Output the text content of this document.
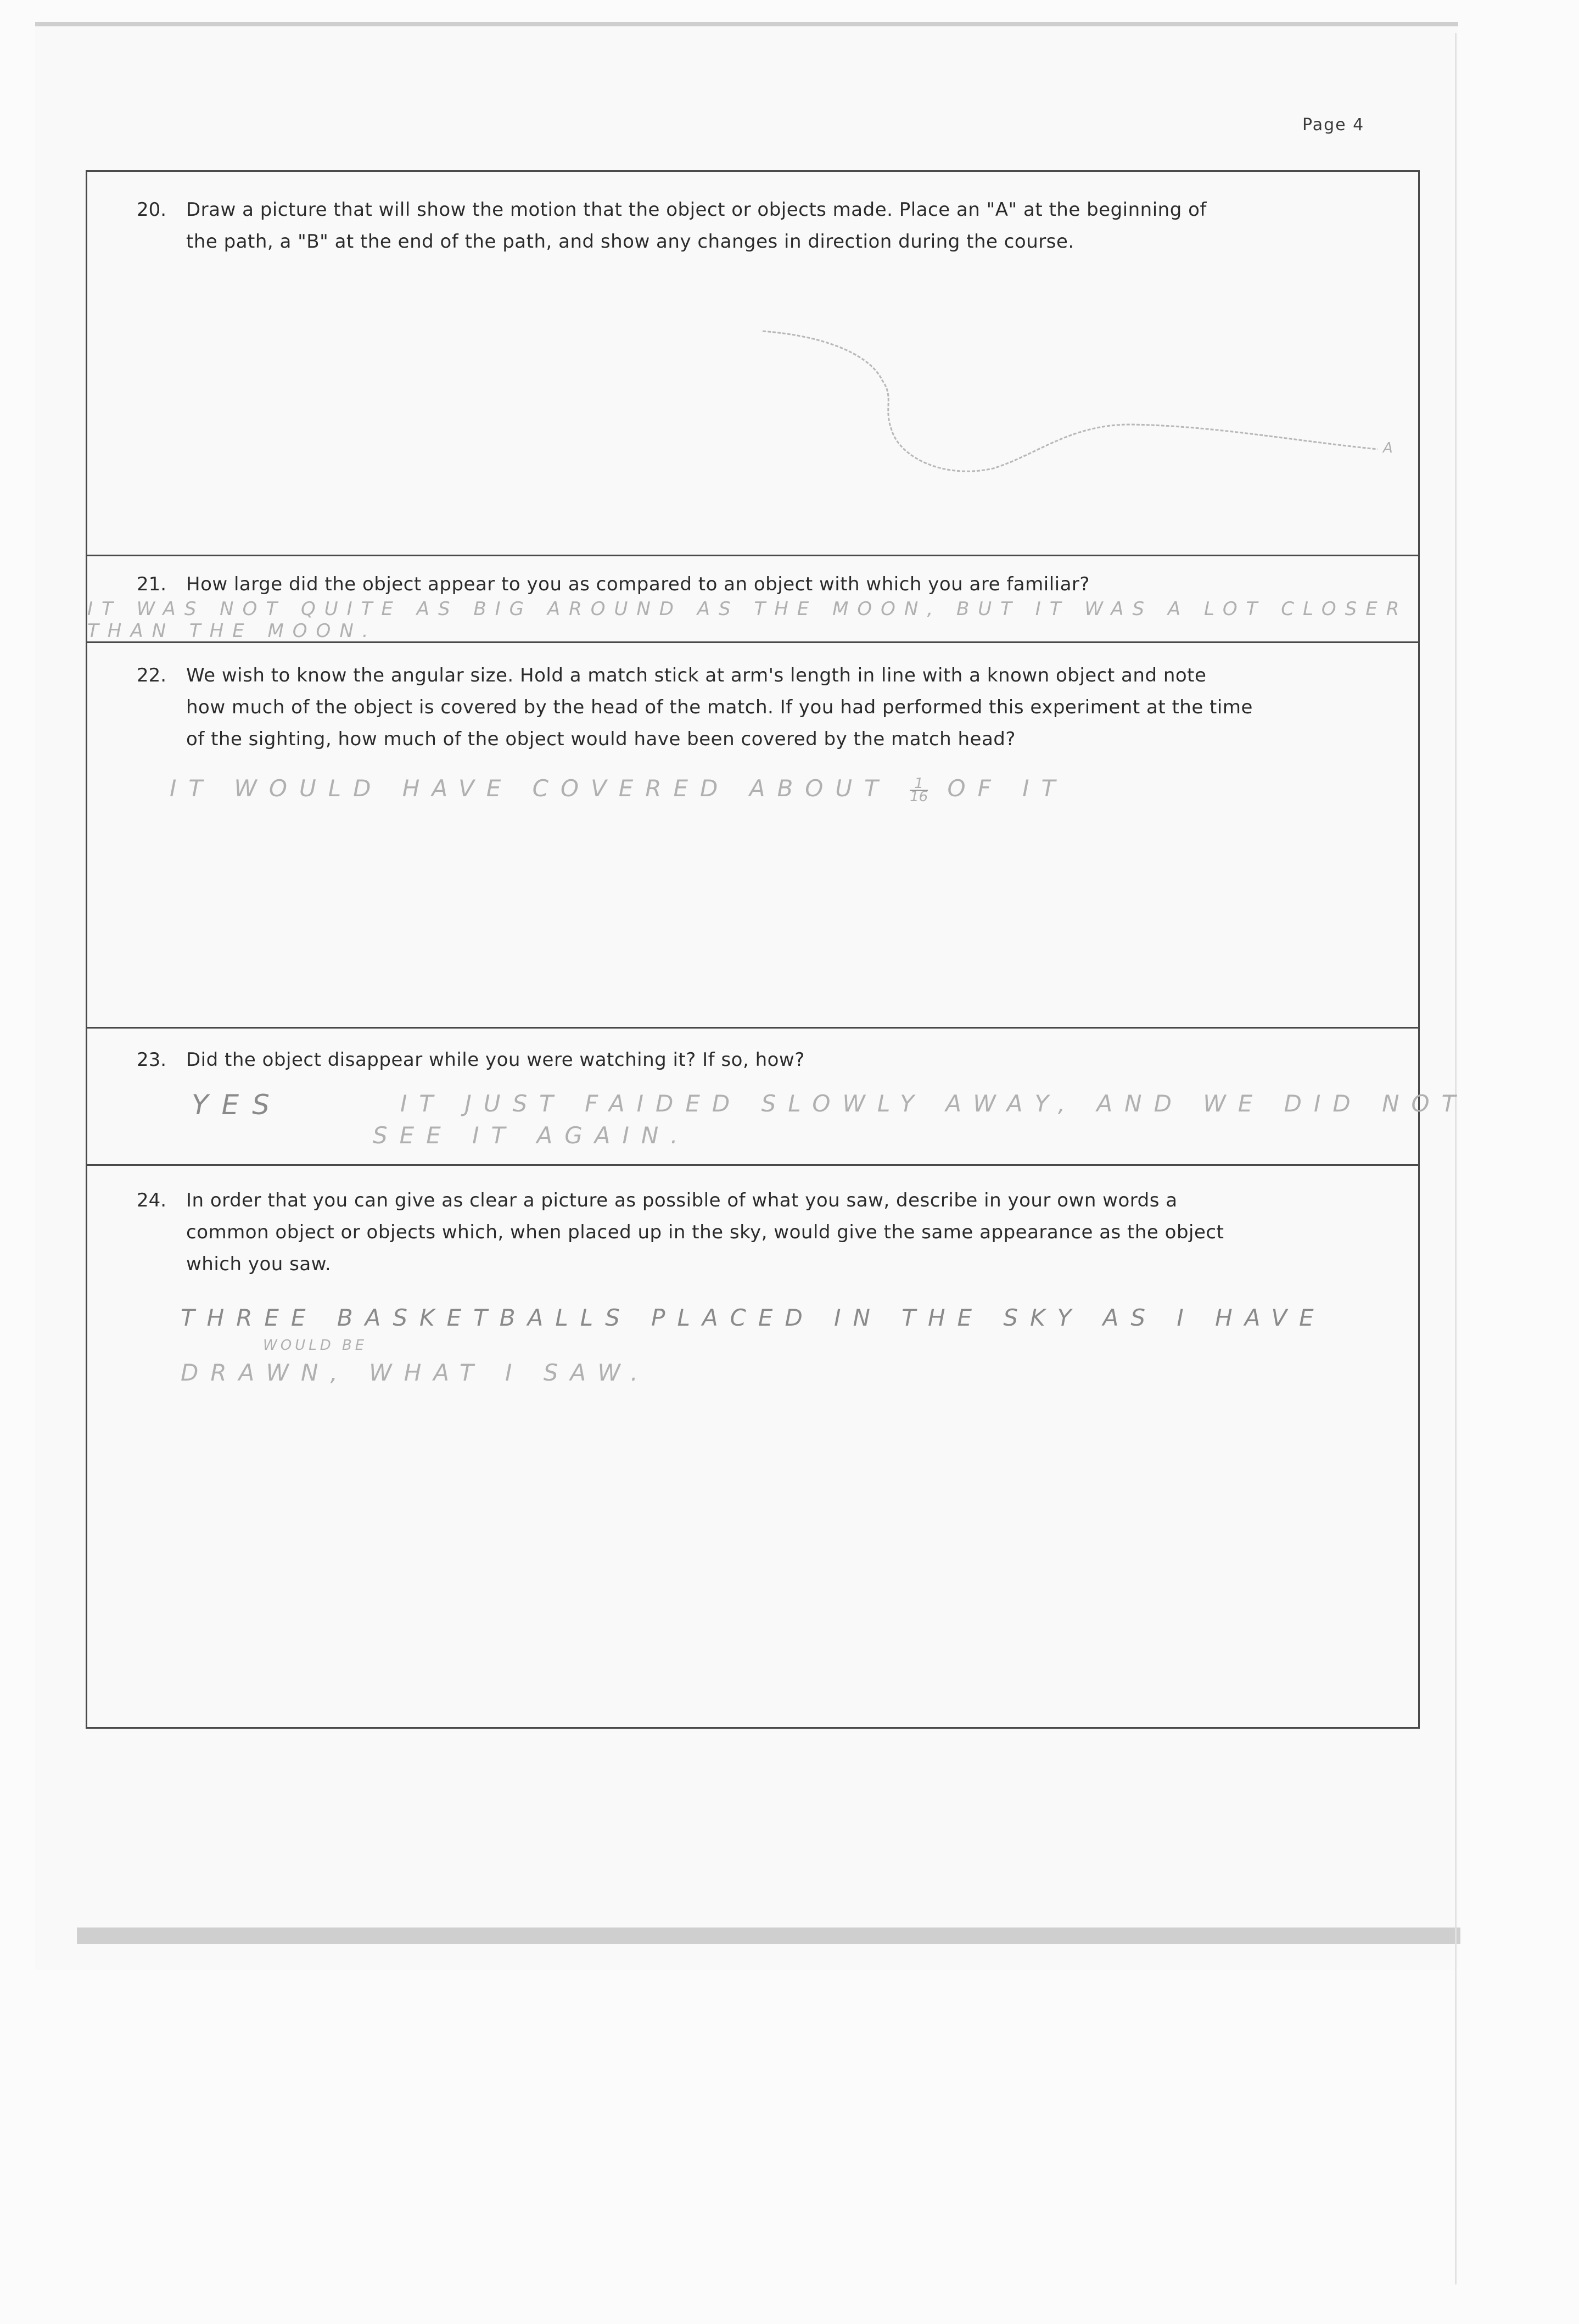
Page 4
20. Draw a picture that will show the motion that the object or objects made. Place an "A" at the beginning of
the path, a "B" at the end of the path, and show any changes in direction during the course.
A
21. How large did the object appear to you as compared to an object with which you are familiar?
IT WAS NOT QUITE AS BIG AROUND AS THE MOON, BUT IT WAS A LOT CLOSER
THAN THE MOON.
22. We wish to know the angular size. Hold a match stick at arm's length in line with a known object and note
how much of the object is covered by the head of the match. If you had performed this experiment at the time
of the sighting, how much of the object would have been covered by the match head?
IT WOULD HAVE COVERED ABOUT $\frac{1}{16}$ OF IT
23. Did the object disappear while you were watching it? If so, how?
YES	IT JUST FAIDED SLOWLY AWAY, AND WE DID NOT
SEE IT AGAIN.
24. In order that you can give as clear a picture as possible of what you saw, describe in your own words a
common object or objects which, when placed up in the sky, would give the same appearance as the object
which you saw.
THREE BASKETBALLS PLACED IN THE SKY AS I HAVE
WOULD BE
DRAWN, WHAT I SAW.
